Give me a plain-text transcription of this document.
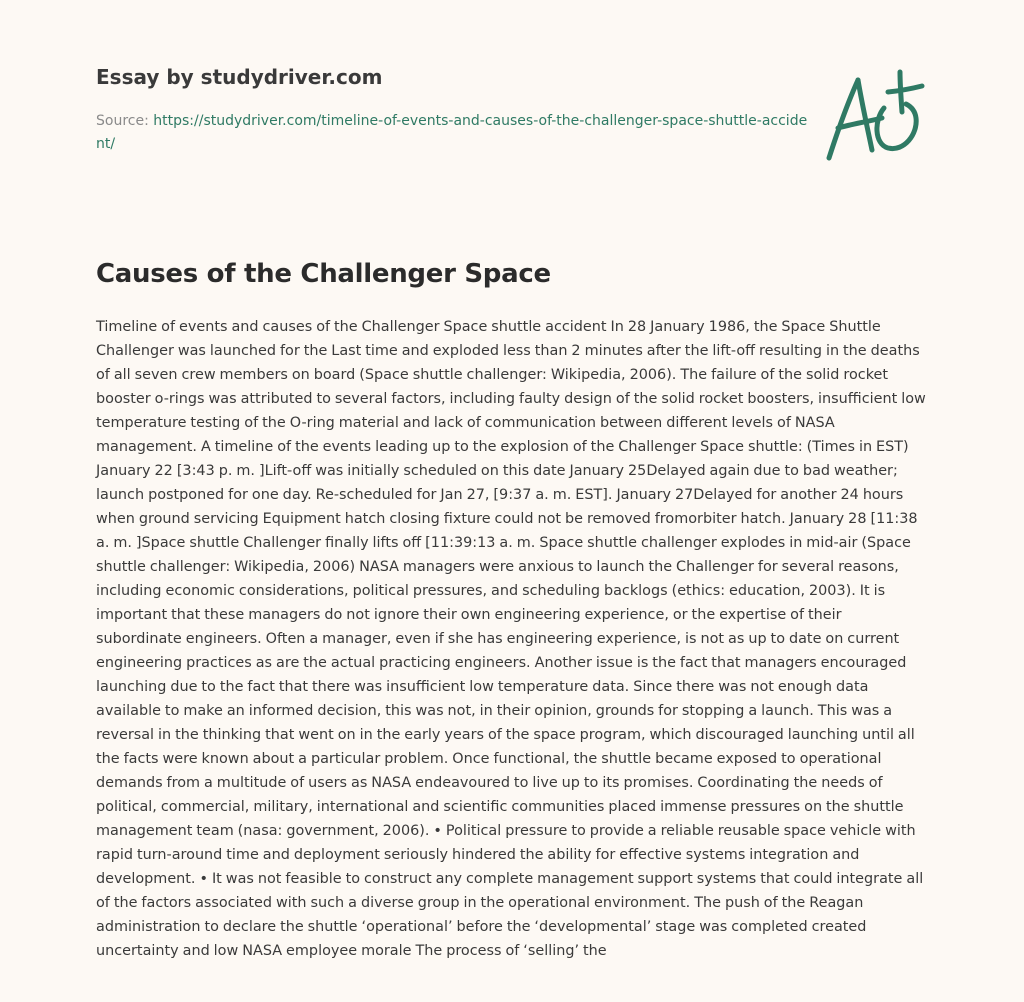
Essay by studydriver.com
Source: https://studydriver.com/timeline-of-events-and-causes-of-the-challenger-space-shuttle-accident/
Causes of the Challenger Space

Timeline of events and causes of the Challenger Space shuttle accident In 28 January 1986, the Space Shuttle Challenger was launched for the Last time and exploded less than 2 minutes after the lift-off resulting in the deaths of all seven crew members on board (Space shuttle challenger: Wikipedia, 2006). The failure of the solid rocket booster o-rings was attributed to several factors, including faulty design of the solid rocket boosters, insufficient low temperature testing of the O-ring material and lack of communication between different levels of NASA management. A timeline of the events leading up to the explosion of the Challenger Space shuttle: (Times in EST) January 22 [3:43 p. m. ]Lift-off was initially scheduled on this date January 25Delayed again due to bad weather; launch postponed for one day. Re-scheduled for Jan 27, [9:37 a. m. EST]. January 27Delayed for another 24 hours when ground servicing Equipment hatch closing fixture could not be removed fromorbiter hatch. January 28 [11:38 a. m. ]Space shuttle Challenger finally lifts off [11:39:13 a. m. Space shuttle challenger explodes in mid-air (Space shuttle challenger: Wikipedia, 2006) NASA managers were anxious to launch the Challenger for several reasons, including economic considerations, political pressures, and scheduling backlogs (ethics: education, 2003). It is important that these managers do not ignore their own engineering experience, or the expertise of their subordinate engineers. Often a manager, even if she has engineering experience, is not as up to date on current engineering practices as are the actual practicing engineers. Another issue is the fact that managers encouraged launching due to the fact that there was insufficient low temperature data. Since there was not enough data available to make an informed decision, this was not, in their opinion, grounds for stopping a launch. This was a reversal in the thinking that went on in the early years of the space program, which discouraged launching until all the facts were known about a particular problem. Once functional, the shuttle became exposed to operational demands from a multitude of users as NASA endeavoured to live up to its promises. Coordinating the needs of political, commercial, military, international and scientific communities placed immense pressures on the shuttle management team (nasa: government, 2006). • Political pressure to provide a reliable reusable space vehicle with rapid turn-around time and deployment seriously hindered the ability for effective systems integration and development. • It was not feasible to construct any complete management support systems that could integrate all of the factors associated with such a diverse group in the operational environment. The push of the Reagan administration to declare the shuttle ‘operational’ before the ‘developmental’ stage was completed created uncertainty and low NASA employee morale The process of ‘selling’ the
